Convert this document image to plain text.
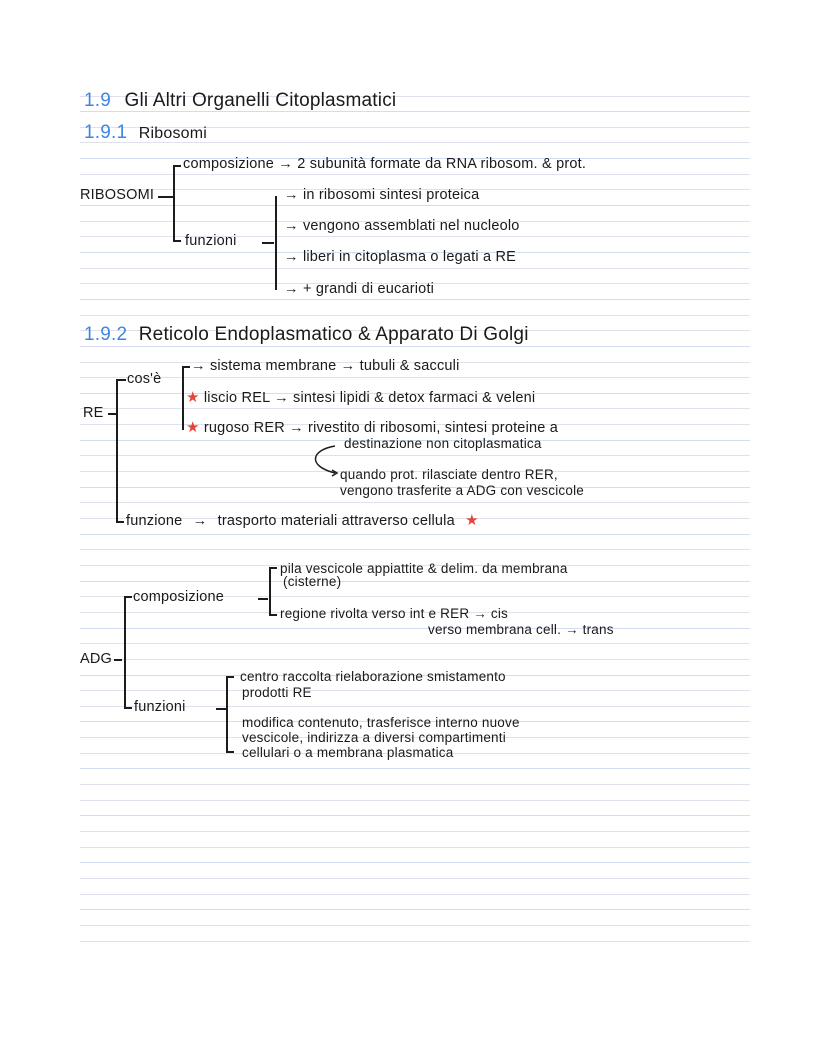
1.9 Gli Altri Organelli Citoplasmatici
1.9.1 Ribosomi
RIBOSOMI
composizione → 2 subunità formate da RNA ribosom. & prot.
funzioni
→ in ribosomi sintesi proteica
→ vengono assemblati nel nucleolo
→ liberi in citoplasma o legati a RE
→ + grandi di eucarioti
1.9.2 Reticolo Endoplasmatico & Apparato Di Golgi
RE
cos'è
→ sistema membrane → tubuli & sacculi
★ liscio REL → sintesi lipidi & detox farmaci & veleni
★ rugoso RER → rivestito di ribosomi, sintesi proteine a
destinazione non citoplasmatica
quando prot. rilasciate dentro RER,
vengono trasferite a ADG con vescicole
funzione → trasporto materiali attraverso cellula ★
ADG
composizione
pila vescicole appiattite & delim. da membrana
(cisterne)
regione rivolta verso int e RER → cis
verso membrana cell. → trans
funzioni
centro raccolta rielaborazione smistamento
prodotti RE
modifica contenuto, trasferisce interno nuove
vescicole, indirizza a diversi compartimenti
cellulari o a membrana plasmatica
